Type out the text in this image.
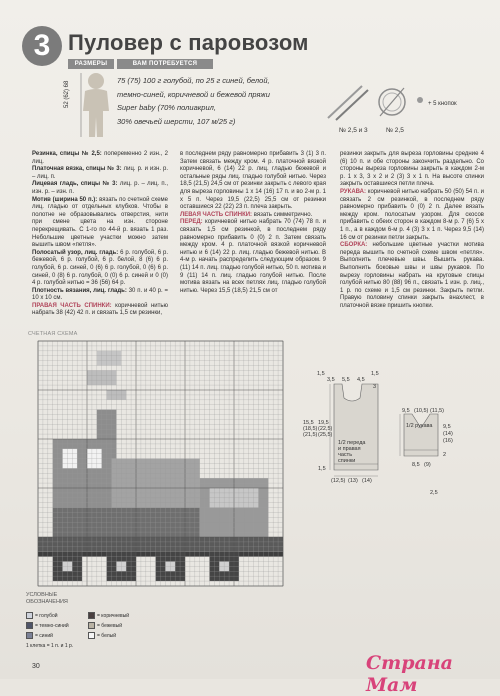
3 Пуловер с паровозом
РАЗМЕРЫ	ВАМ ПОТРЕБУЕТСЯ
52 (62) 68
75 (75) 100 г голубой, по 25 г синей, белой,
темно-синей, коричневой и бежевой пряжи
Super baby (70% полиакрил,
30% овечьей шерсти, 107 м/25 г)
№ 2,5 и 3	№ 2,5
+ 5 кнопок

Резинка, спицы № 2,5: попеременно 2 изн., 2 лиц.

Платочная вязка, спицы № 3: лиц. р. и изн. р. – лиц. п.

Лицевая гладь, спицы № 3: лиц. р. – лиц. п., изн. р. – изн. п.

Мотив (ширина 50 п.): вязать по счетной схеме лиц. гладью от отдельных клубков. Чтобы в полотне не образовывались отверстия, нити при смене цвета на изн. стороне перекрещивать. С 1-го по 44-й р. вязать 1 раз. Небольшие цветные участки можно затем вышить швом «петля».

Полосатый узор, лиц. гладь: 6 р. голубой, 6 р. бежевой, 6 р. голубой, 6 р. белой, 8 (6) 6 р. голубой, 6 р. синей, 0 (6) 6 р. голубой, 0 (6) 6 р. синей, 0 (8) 6 р. голубой, 0 (0) 6 р. синей и 0 (0) 4 р. голубой нитью = 36 (56) 64 р.

Плотность вязания, лиц. гладь: 30 п. и 40 р. = 10 х 10 см.

ПРАВАЯ ЧАСТЬ СПИНКИ: коричневой нитью набрать 38 (42) 42 п. и связать 1,5 см резинки,

в последнем ряду равномерно прибавить 3 (1) 3 п. Затем связать между кром. 4 р. платочной вязкой коричневой, 6 (14) 22 р. лиц. гладью бежевой и остальные ряды лиц. гладью голубой нитью. Через 18,5 (21,5) 24,5 см от резинки закрыть с левого края для выреза горловины 1 х 14 (16) 17 п. и во 2-м р. 1 х 5 п. Через 19,5 (22,5) 25,5 см от резинки оставшиеся 22 (22) 23 п. плеча закрыть.

ЛЕВАЯ ЧАСТЬ СПИНКИ: вязать симметрично.

ПЕРЕД: коричневой нитью набрать 70 (74) 78 п. и связать 1,5 см резинкой, в последнем ряду равномерно прибавить 0 (0) 2 п. Затем связать между кром. 4 р. платочной вязкой коричневой нитью и 6 (14) 22 р. лиц. гладью бежевой нитью. В 4-м р. начать распределить следующим образом. 9 (11) 14 п. лиц. гладью голубой нитью, 50 п. мотива и 9 (11) 14 п. лиц. гладью голубой нитью. После мотива вязать на всех петлях лиц. гладью голубой нитью. Через 15,5 (18,5) 21,5 см от

резинки закрыть для выреза горловины средние 4 (6) 10 п. и обе стороны закончить раздельно. Со стороны выреза горловины закрыть в каждом 2-м р. 1 х 3, 3 х 2 и 2 (3) 3 х 1 п. На высоте спинки закрыть оставшиеся петли плеча.

РУКАВА: коричневой нитью набрать 50 (50) 54 п. и связать 2 см резинкой, в последнем ряду равномерно прибавить 0 (0) 2 п. Далее вязать между кром. полосатым узором. Для скосов прибавить с обеих сторон в каждом 8-м р. 7 (6) 5 х 1 п., а в каждом 6-м р. 4 (3) 3 х 1 п. Через 9,5 (14) 16 см от резинки петли закрыть.

СБОРКА: небольшие цветные участки мотива переда вышить по счетной схеме швом «петля». Выполнить плечевые швы. Вышить рукава. Выполнить боковые швы и швы рукавов. По вырезу горловины набрать на круговые спицы голубой нитью 80 (88) 96 п., связать 1 изн. р. лиц., 1 р. по схеме и 1,5 см резинки. Закрыть петли. Правую половину спинки закрыть внахлест, в платочной вязке пришить кнопки.

СЧЕТНАЯ СХЕМА
1/2 переда и правая часть спинки
1/2 рукава
1,5
3,5 5,5 4,5
1,5
3
15,5
(18,5)
(21,5)
19,5
(22,5)
(25,5)
1,5
(12,5) (13) (14)
9,5 (10,5) (11,5)
9,5
(14)
(16)
2
2,5
8,5 (9)
УСЛОВНЫЕ
ОБОЗНАЧЕНИЯ
= голубой
= темно-синий
= синий
= коричневый
= бежевый
= белый
1 клетка = 1 п. и 1 р.
30	Страна Мам
